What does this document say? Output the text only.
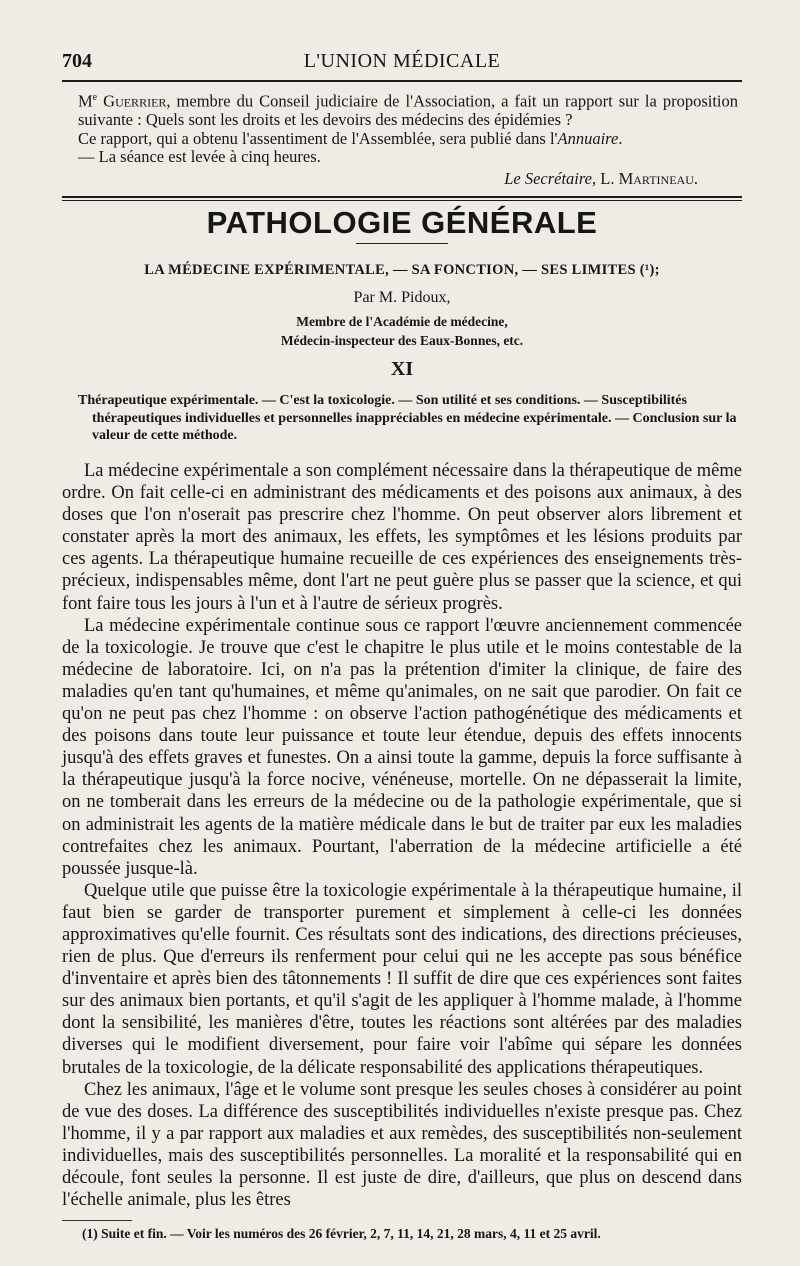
704	L'UNION MÉDICALE

Me Guerrier, membre du Conseil judiciaire de l'Association, a fait un rapport sur la proposition suivante : Quels sont les droits et les devoirs des médecins des épidémies ?

Ce rapport, qui a obtenu l'assentiment de l'Assemblée, sera publié dans l'Annuaire.

— La séance est levée à cinq heures.

Le Secrétaire, L. Martineau.

PATHOLOGIE GÉNÉRALE
LA MÉDECINE EXPÉRIMENTALE, — SA FONCTION, — SES LIMITES (¹);
Par M. Pidoux,
Membre de l'Académie de médecine,
Médecin-inspecteur des Eaux-Bonnes, etc.
XI
Thérapeutique expérimentale. — C'est la toxicologie. — Son utilité et ses conditions. — Susceptibilités thérapeutiques individuelles et personnelles inappréciables en médecine expérimentale. — Conclusion sur la valeur de cette méthode.

La médecine expérimentale a son complément nécessaire dans la thérapeutique de même ordre. On fait celle-ci en administrant des médicaments et des poisons aux animaux, à des doses que l'on n'oserait pas prescrire chez l'homme. On peut observer alors librement et constater après la mort des animaux, les effets, les symptômes et les lésions produits par ces agents. La thérapeutique humaine recueille de ces expériences des enseignements très-précieux, indispensables même, dont l'art ne peut guère plus se passer que la science, et qui font faire tous les jours à l'un et à l'autre de sérieux progrès.

La médecine expérimentale continue sous ce rapport l'œuvre anciennement commencée de la toxicologie. Je trouve que c'est le chapitre le plus utile et le moins contestable de la médecine de laboratoire. Ici, on n'a pas la prétention d'imiter la clinique, de faire des maladies qu'en tant qu'humaines, et même qu'animales, on ne sait que parodier. On fait ce qu'on ne peut pas chez l'homme : on observe l'action pathogénétique des médicaments et des poisons dans toute leur puissance et toute leur étendue, depuis des effets innocents jusqu'à des effets graves et funestes. On a ainsi toute la gamme, depuis la force suffisante à la thérapeutique jusqu'à la force nocive, vénéneuse, mortelle. On ne dépasserait la limite, on ne tomberait dans les erreurs de la médecine ou de la pathologie expérimentale, que si on administrait les agents de la matière médicale dans le but de traiter par eux les maladies contrefaites chez les animaux. Pourtant, l'aberration de la médecine artificielle a été poussée jusque-là.

Quelque utile que puisse être la toxicologie expérimentale à la thérapeutique humaine, il faut bien se garder de transporter purement et simplement à celle-ci les données approximatives qu'elle fournit. Ces résultats sont des indications, des directions précieuses, rien de plus. Que d'erreurs ils renferment pour celui qui ne les accepte pas sous bénéfice d'inventaire et après bien des tâtonnements ! Il suffit de dire que ces expériences sont faites sur des animaux bien portants, et qu'il s'agit de les appliquer à l'homme malade, à l'homme dont la sensibilité, les manières d'être, toutes les réactions sont altérées par des maladies diverses qui le modifient diversement, pour faire voir l'abîme qui sépare les données brutales de la toxicologie, de la délicate responsabilité des applications thérapeutiques.

Chez les animaux, l'âge et le volume sont presque les seules choses à considérer au point de vue des doses. La différence des susceptibilités individuelles n'existe presque pas. Chez l'homme, il y a par rapport aux maladies et aux remèdes, des susceptibilités non-seulement individuelles, mais des susceptibilités personnelles. La moralité et la responsabilité qui en découle, font seules la personne. Il est juste de dire, d'ailleurs, que plus on descend dans l'échelle animale, plus les êtres

(1) Suite et fin. — Voir les numéros des 26 février, 2, 7, 11, 14, 21, 28 mars, 4, 11 et 25 avril.
